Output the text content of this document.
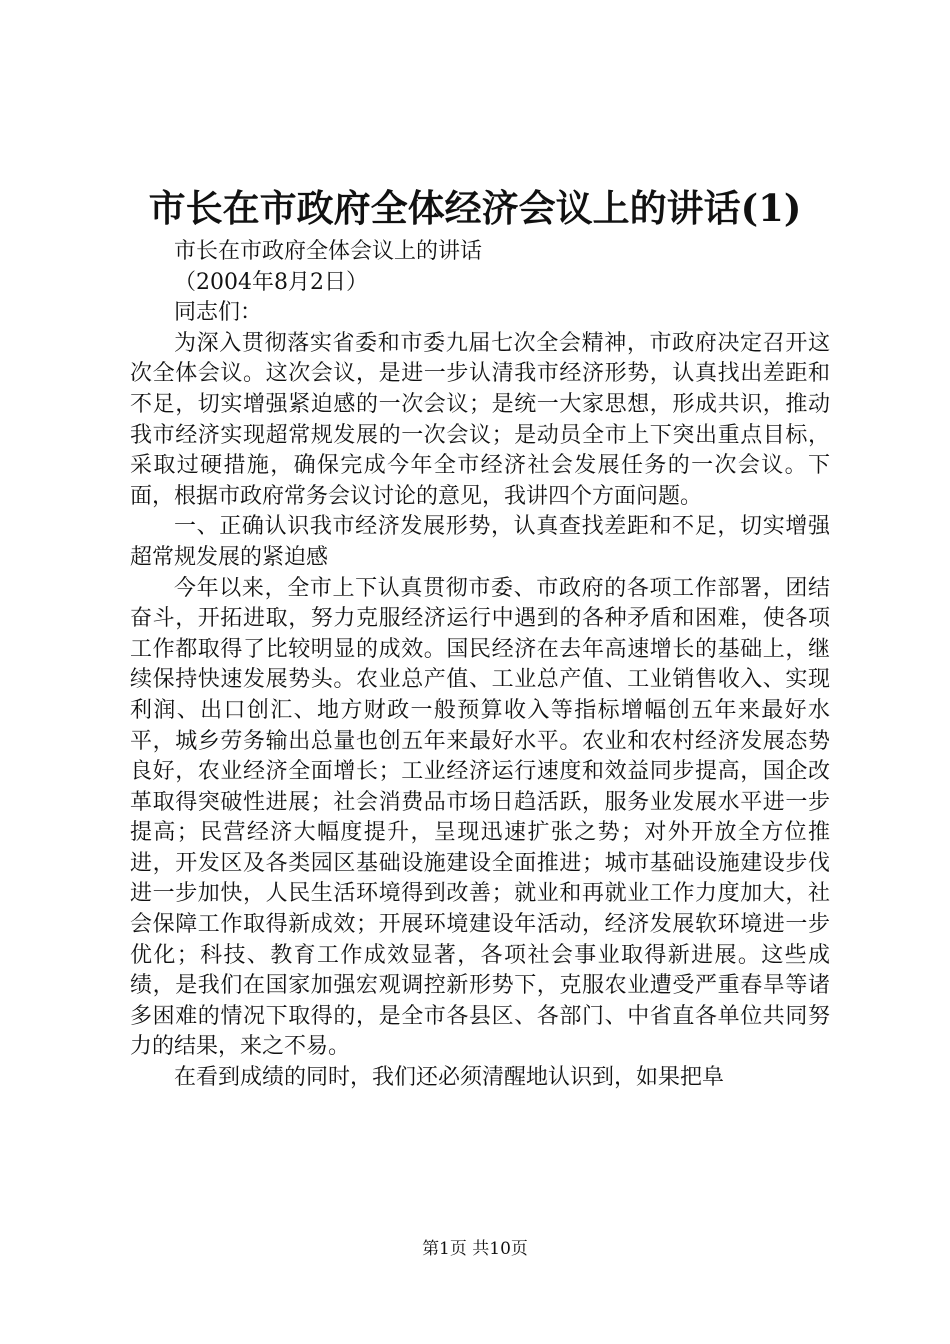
市长在市政府全体经济会议上的讲话(1)

市长在市政府全体会议上的讲话

（2004年8月2日）

同志们：

为深入贯彻落实省委和市委九届七次全会精神，市政府决定召开这次全体会议。这次会议，是进一步认清我市经济形势，认真找出差距和不足，切实增强紧迫感的一次会议；是统一大家思想，形成共识，推动我市经济实现超常规发展的一次会议；是动员全市上下突出重点目标，采取过硬措施，确保完成今年全市经济社会发展任务的一次会议。下面，根据市政府常务会议讨论的意见，我讲四个方面问题。

一、正确认识我市经济发展形势，认真查找差距和不足，切实增强超常规发展的紧迫感

今年以来，全市上下认真贯彻市委、市政府的各项工作部署，团结奋斗，开拓进取，努力克服经济运行中遇到的各种矛盾和困难，使各项工作都取得了比较明显的成效。国民经济在去年高速增长的基础上，继续保持快速发展势头。农业总产值、工业总产值、工业销售收入、实现利润、出口创汇、地方财政一般预算收入等指标增幅创五年来最好水平，城乡劳务输出总量也创五年来最好水平。农业和农村经济发展态势良好，农业经济全面增长；工业经济运行速度和效益同步提高，国企改革取得突破性进展；社会消费品市场日趋活跃，服务业发展水平进一步提高；民营经济大幅度提升，呈现迅速扩张之势；对外开放全方位推进，开发区及各类园区基础设施建设全面推进；城市基础设施建设步伐进一步加快，人民生活环境得到改善；就业和再就业工作力度加大，社会保障工作取得新成效；开展环境建设年活动，经济发展软环境进一步优化；科技、教育工作成效显著，各项社会事业取得新进展。这些成绩，是我们在国家加强宏观调控新形势下，克服农业遭受严重春旱等诸多困难的情况下取得的，是全市各县区、各部门、中省直各单位共同努力的结果，来之不易。

在看到成绩的同时，我们还必须清醒地认识到，如果把阜

第1页 共10页
